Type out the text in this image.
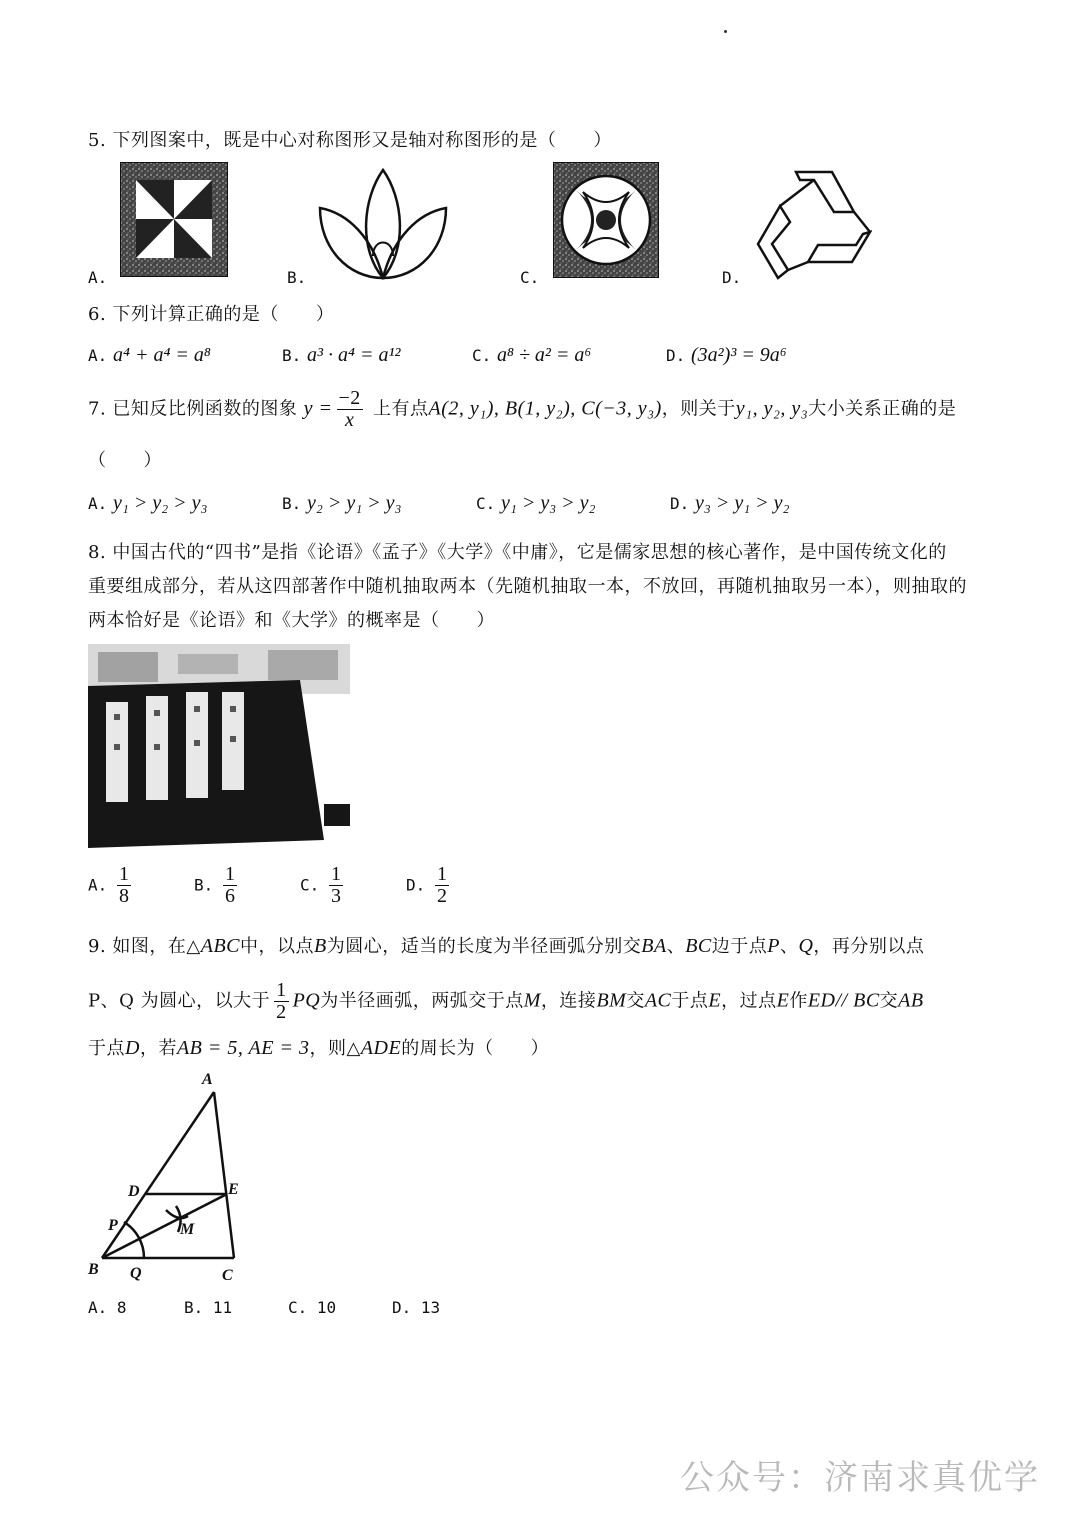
5. 下列图案中，既是中心对称图形又是轴对称图形的是（　　）
A.	B.	C.	D.
6. 下列计算正确的是（　　）
A. a⁴ + a⁴ = a⁸	B. a³ · a⁴ = a¹²	C. a⁸ ÷ a² = a⁶	D. (3a²)³ = 9a⁶
7. 已知反比例函数的图象 $y = \frac{-2}{x}$ 上有点A(2, y₁), B(1, y₂), C(−3, y₃)，则关于y₁, y₂, y₃大小关系正确的是
（　　）
A. y₁ > y₂ > y₃	B. y₂ > y₁ > y₃	C. y₁ > y₃ > y₂	D. y₃ > y₁ > y₂
8. 中国古代的“四书”是指《论语》《孟子》《大学》《中庸》，它是儒家思想的核心著作，是中国传统文化的
重要组成部分，若从这四部著作中随机抽取两本（先随机抽取一本，不放回，再随机抽取另一本），则抽取的
两本恰好是《论语》和《大学》的概率是（　　）
A. $\frac{1}{8}$	B. $\frac{1}{6}$	C. $\frac{1}{3}$	D. $\frac{1}{2}$
9. 如图，在△ABC中，以点B为圆心，适当的长度为半径画弧分别交BA、BC边于点P、Q，再分别以点
P、Q 为圆心，以大于 $\frac{1}{2}$ PQ为半径画弧，两弧交于点M，连接BM交AC于点E，过点E作ED// BC交AB
于点D，若AB = 5, AE = 3，则△ADE的周长为（　　）
A
B	C
D	E
P
Q
M
A. 8	B. 11	C. 10	D. 13
公众号：济南求真优学
